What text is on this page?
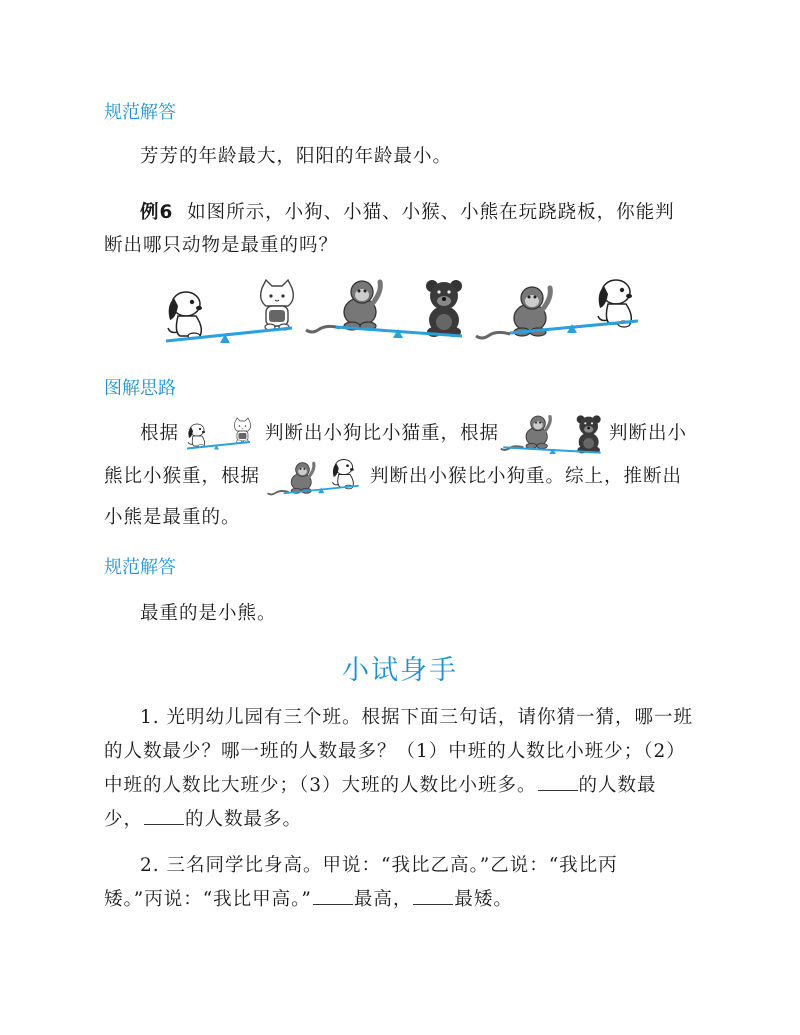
规范解答
芳芳的年龄最大，阳阳的年龄最小。
例6 如图所示，小狗、小猫、小猴、小熊在玩跷跷板，你能判
断出哪只动物是最重的吗？
图解思路
根据	判断出小狗比小猫重，根据	判断出小
熊比小猴重，根据	判断出小猴比小狗重。综上，推断出
小熊是最重的。
规范解答
最重的是小熊。
小试身手
1. 光明幼儿园有三个班。根据下面三句话，请你猜一猜，哪一班
的人数最少？哪一班的人数最多？（1）中班的人数比小班少；（2）
中班的人数比大班少；（3）大班的人数比小班多。 的人数最
少， 的人数最多。
2. 三名同学比身高。甲说：“我比乙高。”乙说：“我比丙
矮。”丙说：“我比甲高。” 最高， 最矮。
